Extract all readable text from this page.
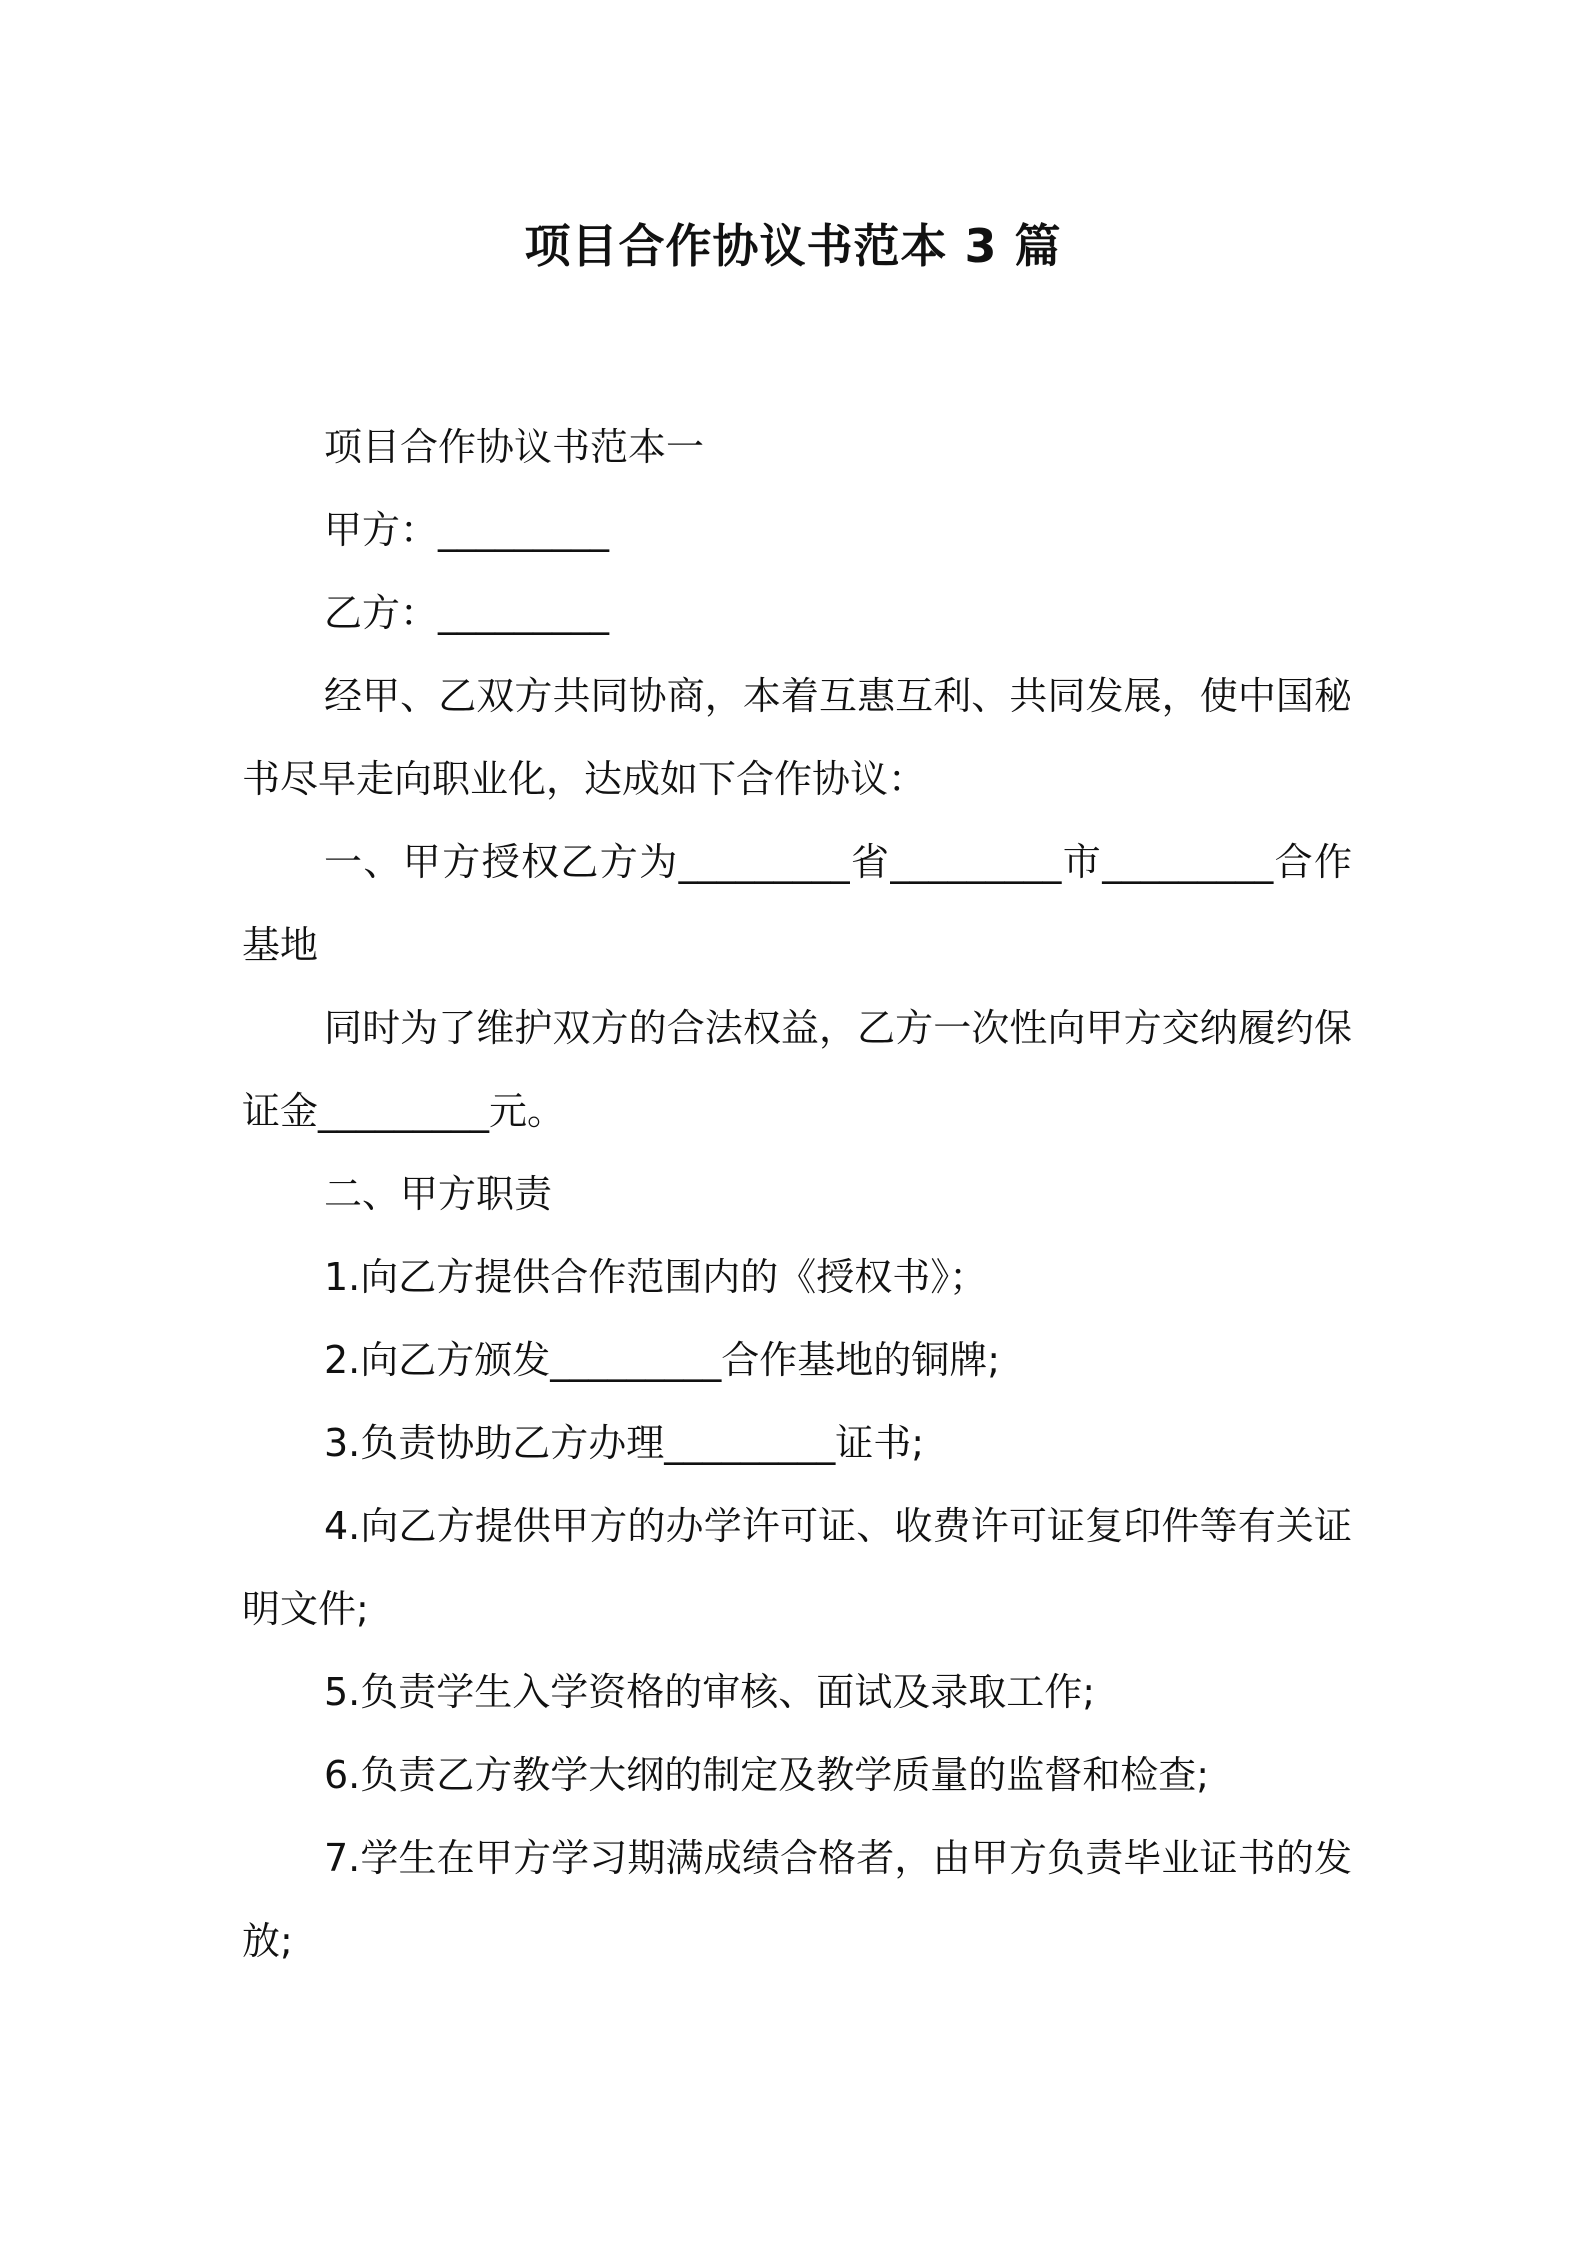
项目合作协议书范本 3 篇

项目合作协议书范本一

甲方：_________

乙方：_________

经甲、乙双方共同协商，本着互惠互利、共同发展，使中国秘书尽早走向职业化，达成如下合作协议：

一、甲方授权乙方为_________省_________市_________合作基地

同时为了维护双方的合法权益，乙方一次性向甲方交纳履约保证金_________元。

二、甲方职责

1.向乙方提供合作范围内的《授权书》；

2.向乙方颁发_________合作基地的铜牌;

3.负责协助乙方办理_________证书;

4.向乙方提供甲方的办学许可证、收费许可证复印件等有关证明文件;

5.负责学生入学资格的审核、面试及录取工作;

6.负责乙方教学大纲的制定及教学质量的监督和检查;

7.学生在甲方学习期满成绩合格者，由甲方负责毕业证书的发放;
